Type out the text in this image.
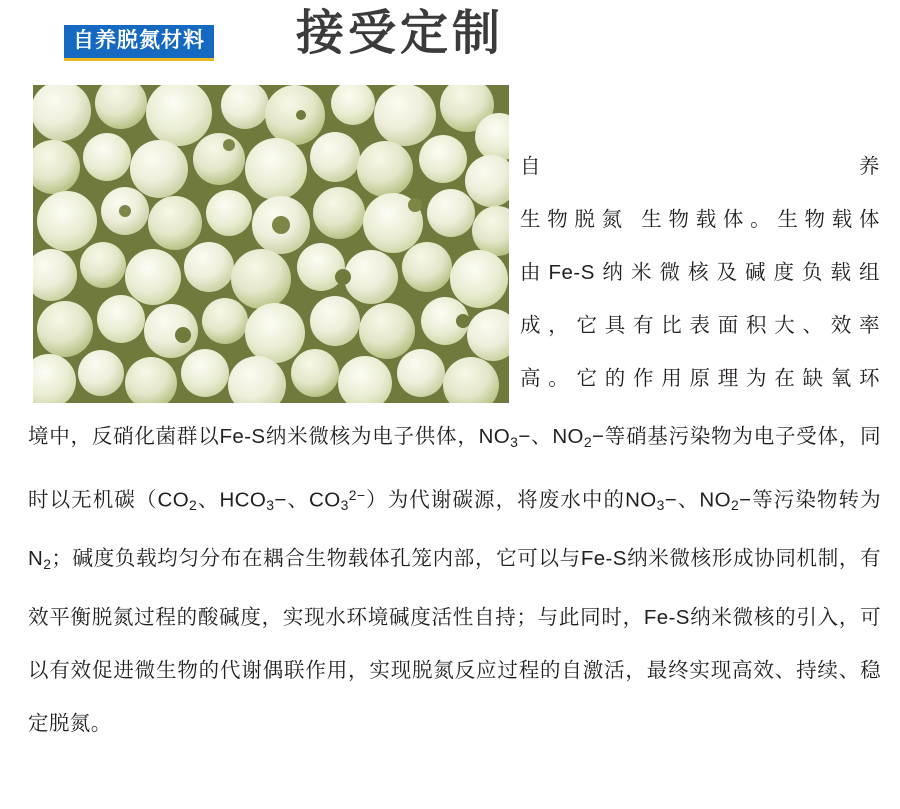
自养脱氮材料 接受定制
自养
生物脱氮 生物载体。生物载体
由Fe-S纳米微核及碱度负载组
成，它具有比表面积大、效率
高。它的作用原理为在缺氧环

境中，反硝化菌群以Fe-S纳米微核为电子供体，$NO_3-$、$NO_2-$等硝基污染物为电子受体，同时以无机碳（$CO_2$、$HCO_3-$、$CO_3^{2-}$）为代谢碳源，将废水中的$NO_3-$、$NO_2-$等污染物转为$N_2$；碱度负载均匀分布在耦合生物载体孔笼内部，它可以与Fe-S纳米微核形成协同机制，有效平衡脱氮过程的酸碱度，实现水环境碱度活性自持；与此同时，Fe-S纳米微核的引入，可以有效促进微生物的代谢偶联作用，实现脱氮反应过程的自激活，最终实现高效、持续、稳定脱氮。
